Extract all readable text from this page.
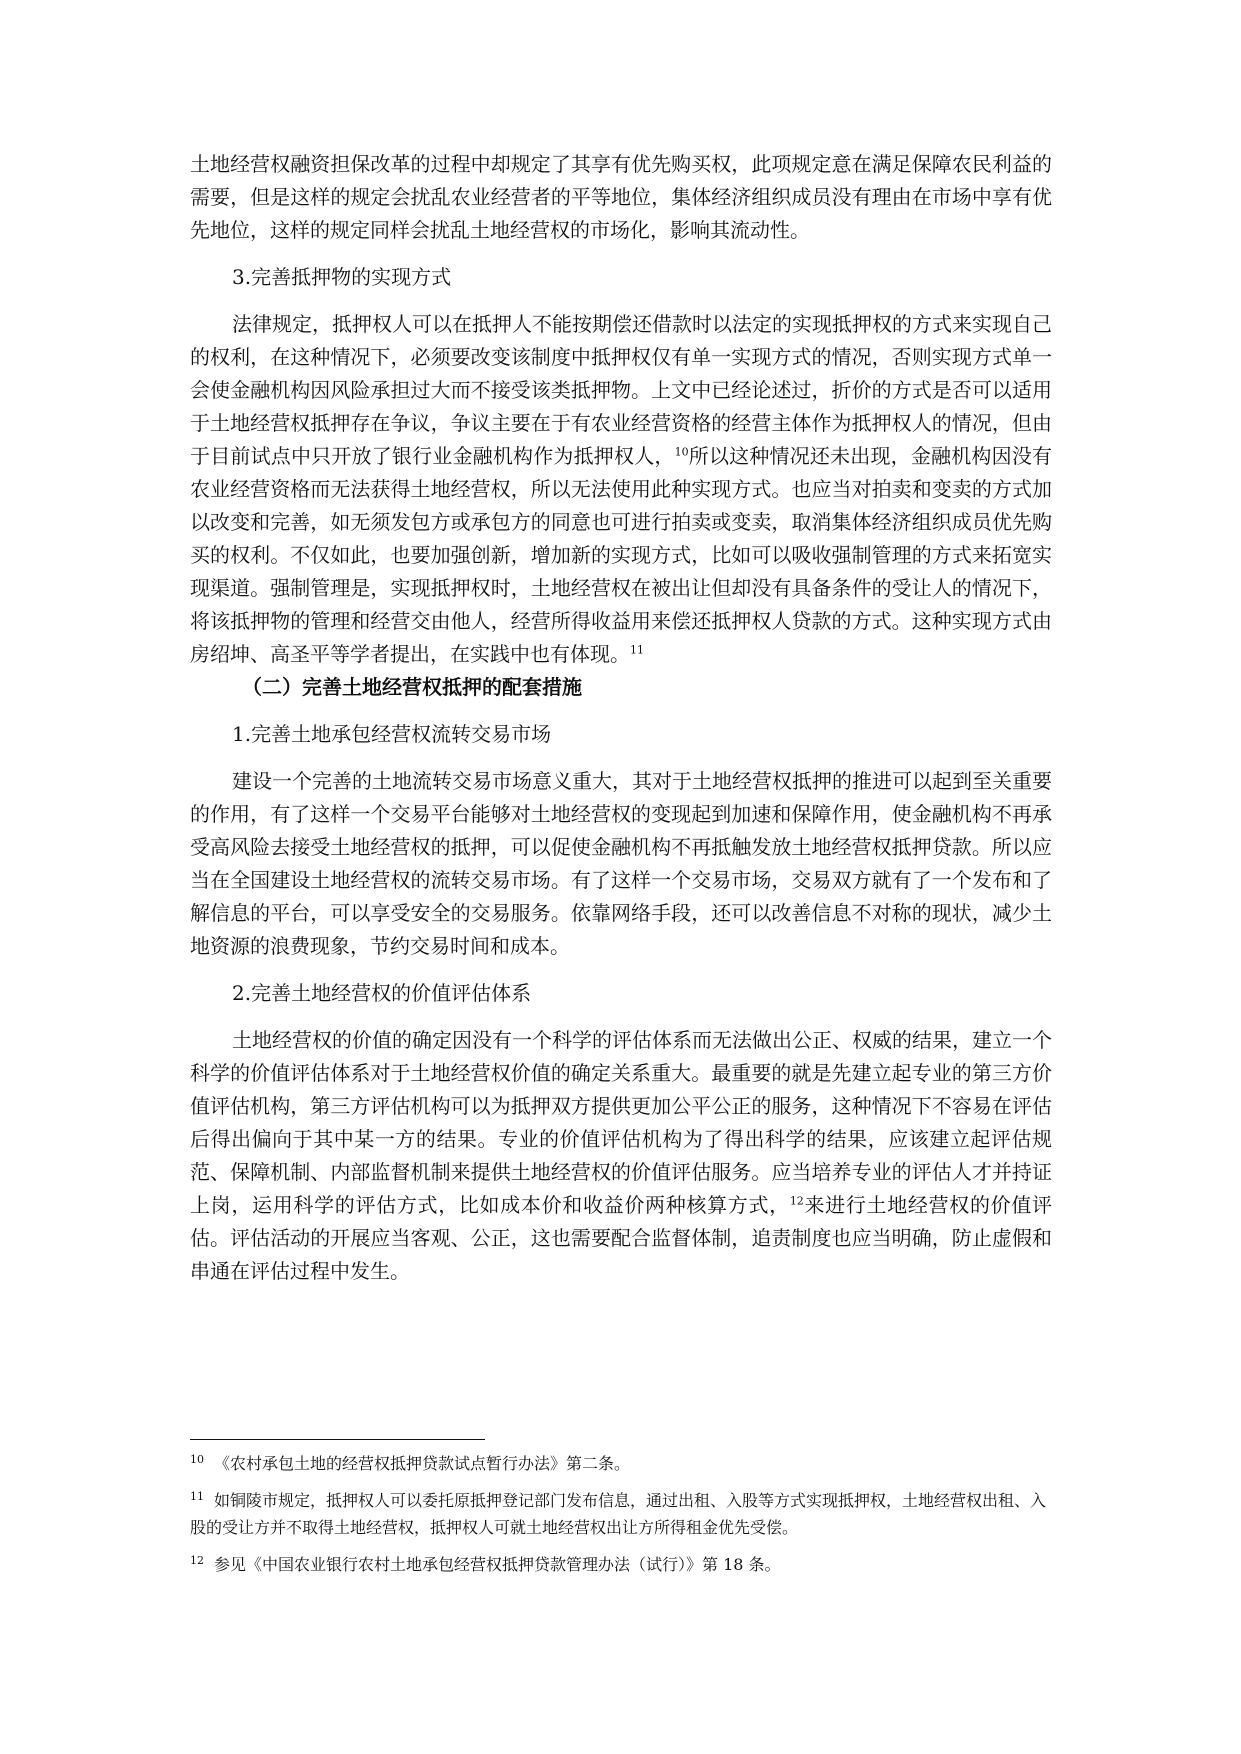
土地经营权融资担保改革的过程中却规定了其享有优先购买权，此项规定意在满足保障农民利益的需要，但是这样的规定会扰乱农业经营者的平等地位，集体经济组织成员没有理由在市场中享有优先地位，这样的规定同样会扰乱土地经营权的市场化，影响其流动性。

3.完善抵押物的实现方式

法律规定，抵押权人可以在抵押人不能按期偿还借款时以法定的实现抵押权的方式来实现自己的权利，在这种情况下，必须要改变该制度中抵押权仅有单一实现方式的情况，否则实现方式单一会使金融机构因风险承担过大而不接受该类抵押物。上文中已经论述过，折价的方式是否可以适用于土地经营权抵押存在争议，争议主要在于有农业经营资格的经营主体作为抵押权人的情况，但由于目前试点中只开放了银行业金融机构作为抵押权人，$^{10}$所以这种情况还未出现，金融机构因没有农业经营资格而无法获得土地经营权，所以无法使用此种实现方式。也应当对拍卖和变卖的方式加以改变和完善，如无须发包方或承包方的同意也可进行拍卖或变卖，取消集体经济组织成员优先购买的权利。不仅如此，也要加强创新，增加新的实现方式，比如可以吸收强制管理的方式来拓宽实现渠道。强制管理是，实现抵押权时，土地经营权在被出让但却没有具备条件的受让人的情况下，将该抵押物的管理和经营交由他人，经营所得收益用来偿还抵押权人贷款的方式。这种实现方式由房绍坤、高圣平等学者提出，在实践中也有体现。$^{11}$

（二）完善土地经营权抵押的配套措施

1.完善土地承包经营权流转交易市场

建设一个完善的土地流转交易市场意义重大，其对于土地经营权抵押的推进可以起到至关重要的作用，有了这样一个交易平台能够对土地经营权的变现起到加速和保障作用，使金融机构不再承受高风险去接受土地经营权的抵押，可以促使金融机构不再抵触发放土地经营权抵押贷款。所以应当在全国建设土地经营权的流转交易市场。有了这样一个交易市场，交易双方就有了一个发布和了解信息的平台，可以享受安全的交易服务。依靠网络手段，还可以改善信息不对称的现状，减少土地资源的浪费现象，节约交易时间和成本。

2.完善土地经营权的价值评估体系

土地经营权的价值的确定因没有一个科学的评估体系而无法做出公正、权威的结果，建立一个科学的价值评估体系对于土地经营权价值的确定关系重大。最重要的就是先建立起专业的第三方价值评估机构，第三方评估机构可以为抵押双方提供更加公平公正的服务，这种情况下不容易在评估后得出偏向于其中某一方的结果。专业的价值评估机构为了得出科学的结果，应该建立起评估规范、保障机制、内部监督机制来提供土地经营权的价值评估服务。应当培养专业的评估人才并持证上岗，运用科学的评估方式，比如成本价和收益价两种核算方式，$^{12}$来进行土地经营权的价值评估。评估活动的开展应当客观、公正，这也需要配合监督体制，追责制度也应当明确，防止虚假和串通在评估过程中发生。

$^{10}$ 《农村承包土地的经营权抵押贷款试点暂行办法》第二条。

$^{11}$ 如铜陵市规定，抵押权人可以委托原抵押登记部门发布信息，通过出租、入股等方式实现抵押权，土地经营权出租、入股的受让方并不取得土地经营权，抵押权人可就土地经营权出让方所得租金优先受偿。

$^{12}$ 参见《中国农业银行农村土地承包经营权抵押贷款管理办法（试行）》第 18 条。
